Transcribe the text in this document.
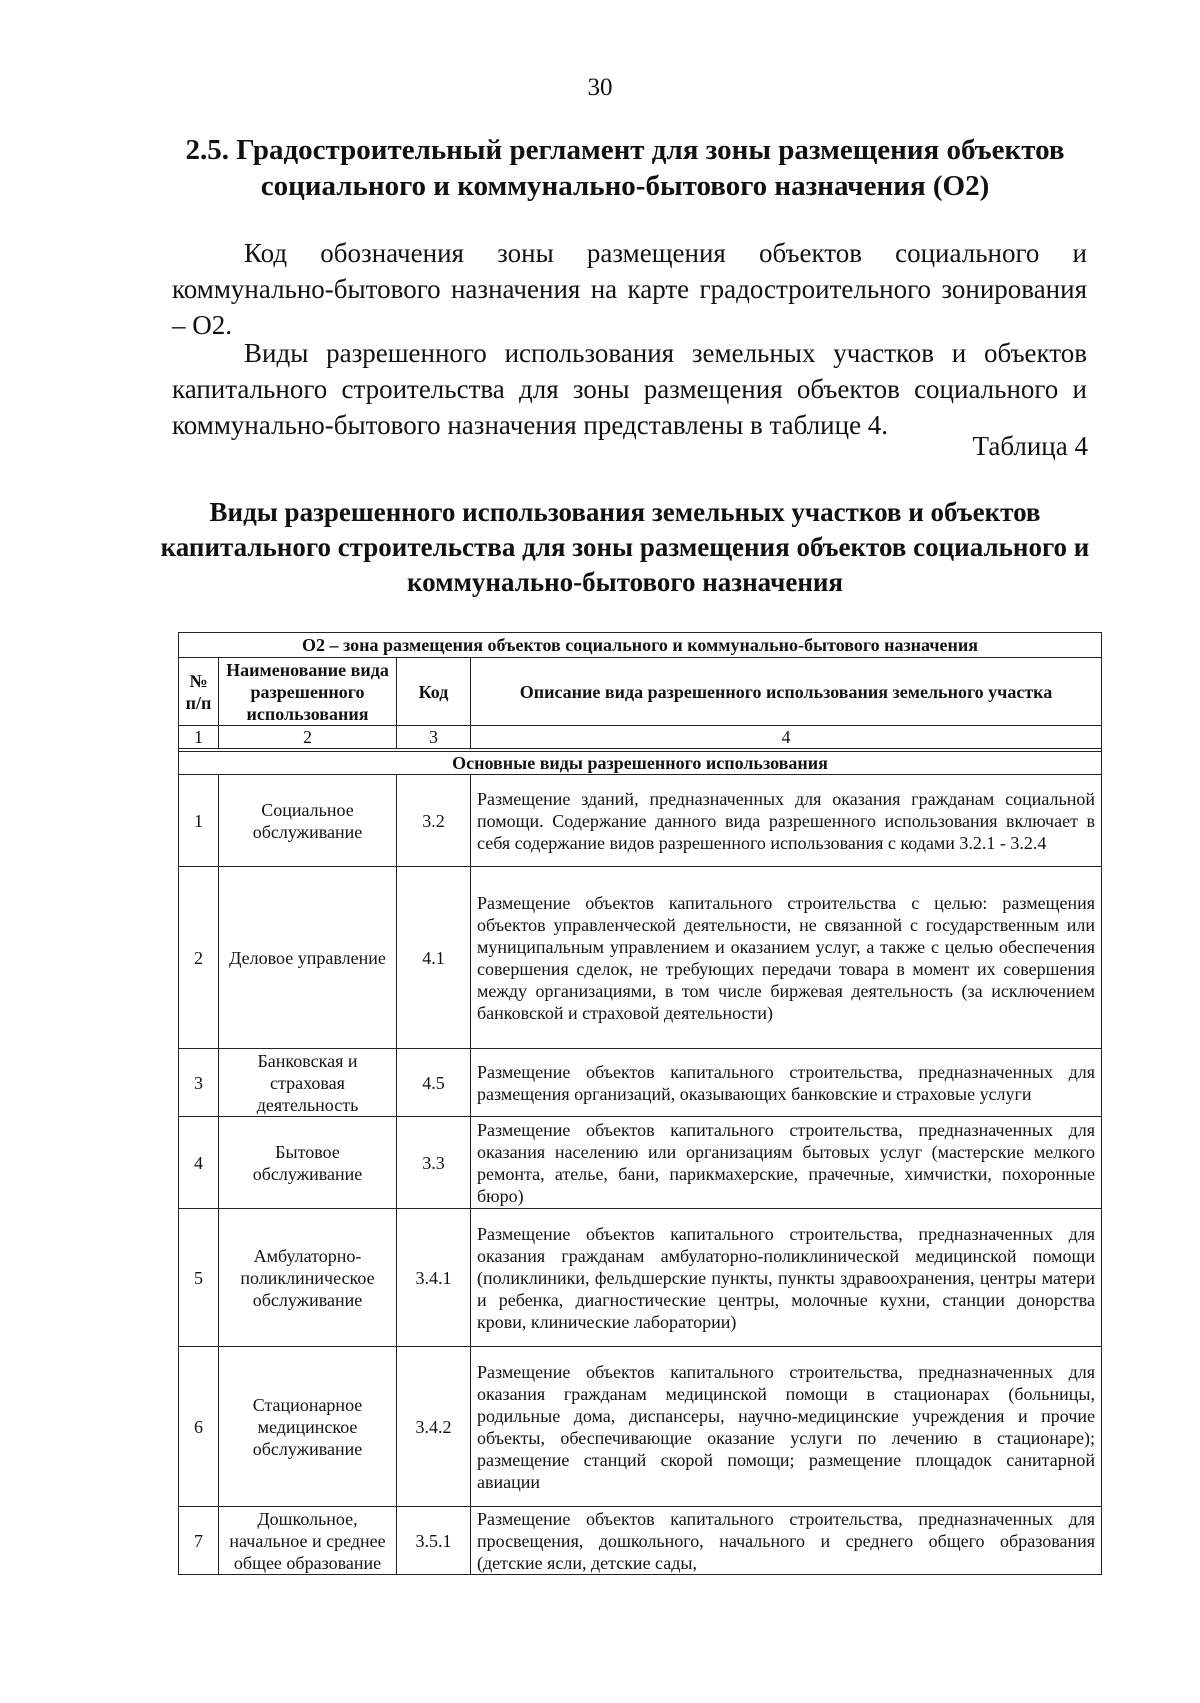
30
2.5. Градостроительный регламент для зоны размещения объектов социального и коммунально-бытового назначения (О2)
Код обозначения зоны размещения объектов социального и коммунально-бытового назначения на карте градостроительного зонирования – О2.
Виды разрешенного использования земельных участков и объектов капитального строительства для зоны размещения объектов социального и коммунально-бытового назначения представлены в таблице 4.
Таблица 4
Виды разрешенного использования земельных участков и объектов капитального строительства для зоны размещения объектов социального и коммунально-бытового назначения
О2 – зона размещения объектов социального и коммунально-бытового назначения			
№ п/п	Наименование вида разрешенного использования	Код	Описание вида разрешенного использования земельного участка
1	2	3	4

Основные виды разрешенного использования			
1	Социальное обслуживание	3.2	Размещение зданий, предназначенных для оказания гражданам социальной помощи. Содержание данного вида разрешенного использования включает в себя содержание видов разрешенного использования с кодами 3.2.1 - 3.2.4
2	Деловое управление	4.1	Размещение объектов капитального строительства с целью: размещения объектов управленческой деятельности, не связанной с государственным или муниципальным управлением и оказанием услуг, а также с целью обеспечения совершения сделок, не требующих передачи товара в момент их совершения между организациями, в том числе биржевая деятельность (за исключением банковской и страховой деятельности)
3	Банковская и страховая деятельность	4.5	Размещение объектов капитального строительства, предназначенных для размещения организаций, оказывающих банковские и страховые услуги
4	Бытовое обслуживание	3.3	Размещение объектов капитального строительства, предназначенных для оказания населению или организациям бытовых услуг (мастерские мелкого ремонта, ателье, бани, парикмахерские, прачечные, химчистки, похоронные бюро)
5	Амбулаторно-поликлиническое обслуживание	3.4.1	Размещение объектов капитального строительства, предназначенных для оказания гражданам амбулаторно-поликлинической медицинской помощи (поликлиники, фельдшерские пункты, пункты здравоохранения, центры матери и ребенка, диагностические центры, молочные кухни, станции донорства крови, клинические лаборатории)
6	Стационарное медицинское обслуживание	3.4.2	Размещение объектов капитального строительства, предназначенных для оказания гражданам медицинской помощи в стационарах (больницы, родильные дома, диспансеры, научно-медицинские учреждения и прочие объекты, обеспечивающие оказание услуги по лечению в стационаре); размещение станций скорой помощи; размещение площадок санитарной авиации
7	Дошкольное, начальное и среднее общее образование	3.5.1	Размещение объектов капитального строительства, предназначенных для просвещения, дошкольного, начального и среднего общего образования (детские ясли, детские сады,
